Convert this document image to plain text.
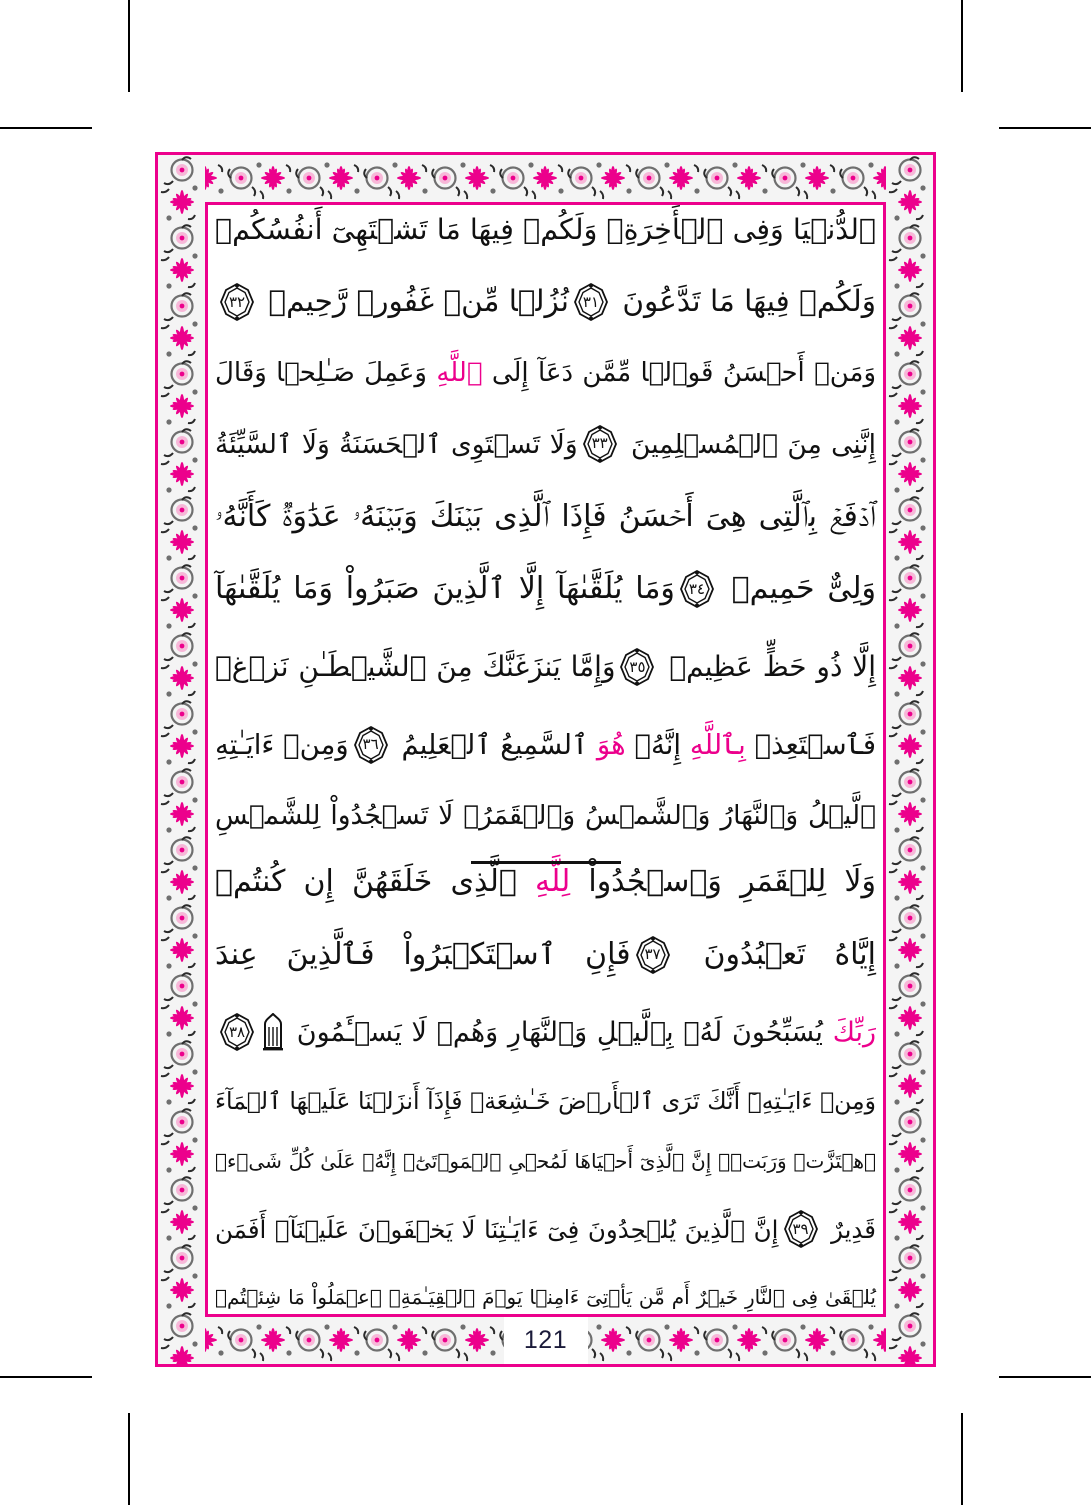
121
ٱلدُّنۡيَا وَفِى ٱلۡأَخِرَةِۖ وَلَكُمۡ فِيهَا مَا تَشۡتَهِىٓ أَنفُسُكُمۡ
وَلَكُمۡ فِيهَا مَا تَدَّعُونَ
٣١
نُزُلࣰا مِّنۡ غَفُورࣲ رَّحِيمࣲ
٣٢
وَمَنۡ أَحۡسَنُ قَوۡلࣰا مِّمَّن دَعَآ إِلَى ٱللَّهِ وَعَمِلَ صَـٰلِحࣰا وَقَالَ
إِنَّنِى مِنَ ٱلۡمُسۡلِمِينَ
٣٣
وَلَا تَسۡتَوِى ٱلۡحَسَنَةُ وَلَا ٱلسَّيِّئَةُ
ٱدۡفَعۡ بِٱلَّتِى هِىَ أَحۡسَنُ فَإِذَا ٱلَّذِى بَيۡنَكَ وَبَيۡنَهُۥ عَدَٰوَةࣱ كَأَنَّهُۥ
وَلِىٌّ حَمِيمࣱ
٣٤
وَمَا يُلَقَّىٰهَآ إِلَّا ٱلَّذِينَ صَبَرُواْ وَمَا يُلَقَّىٰهَآ
إِلَّا ذُو حَظٍّ عَظِيمࣲ
٣٥
وَإِمَّا يَنزَغَنَّكَ مِنَ ٱلشَّيۡطَـٰنِ نَزۡغࣱ
فَٱسۡتَعِذۡ بِٱللَّهِ إِنَّهُۥ هُوَ ٱلسَّمِيعُ ٱلۡعَلِيمُ
٣٦
وَمِنۡ ءَايَـٰتِهِ
ٱلَّيۡلُ وَٱلنَّهَارُ وَٱلشَّمۡسُ وَٱلۡقَمَرُۚ لَا تَسۡجُدُواْ لِلشَّمۡسِ
وَلَا لِلۡقَمَرِ وَٱسۡجُدُواْ لِلَّهِ ٱلَّذِى خَلَقَهُنَّ إِن كُنتُمۡ
إِيَّاهُ تَعۡبُدُونَ
٣٧
فَإِنِ ٱسۡتَكۡبَرُواْ فَٱلَّذِينَ عِندَ
رَبِّكَ يُسَبِّحُونَ لَهُۥ بِٱلَّيۡلِ وَٱلنَّهَارِ وَهُمۡ لَا يَسۡـَٔمُونَ
٣٨
وَمِنۡ ءَايَـٰتِهِۦٓ أَنَّكَ تَرَى ٱلۡأَرۡضَ خَـٰشِعَةࣰ فَإِذَآ أَنزَلۡنَا عَلَيۡهَا ٱلۡمَآءَ
ٱهۡتَزَّتۡ وَرَبَتۡۚ إِنَّ ٱلَّذِىٓ أَحۡيَاهَا لَمُحۡىِ ٱلۡمَوۡتَىٰٓۚ إِنَّهُۥ عَلَىٰ كُلِّ شَىۡءࣲ
قَدِيرٌ
٣٩
إِنَّ ٱلَّذِينَ يُلۡحِدُونَ فِىٓ ءَايَـٰتِنَا لَا يَخۡفَوۡنَ عَلَيۡنَآۗ أَفَمَن
يُلۡقَىٰ فِى ٱلنَّارِ خَيۡرٌ أَم مَّن يَأۡتِىٓ ءَامِنࣰا يَوۡمَ ٱلۡقِيَـٰمَةِۚ ٱعۡمَلُواْ مَا شِئۡتُمۡ
